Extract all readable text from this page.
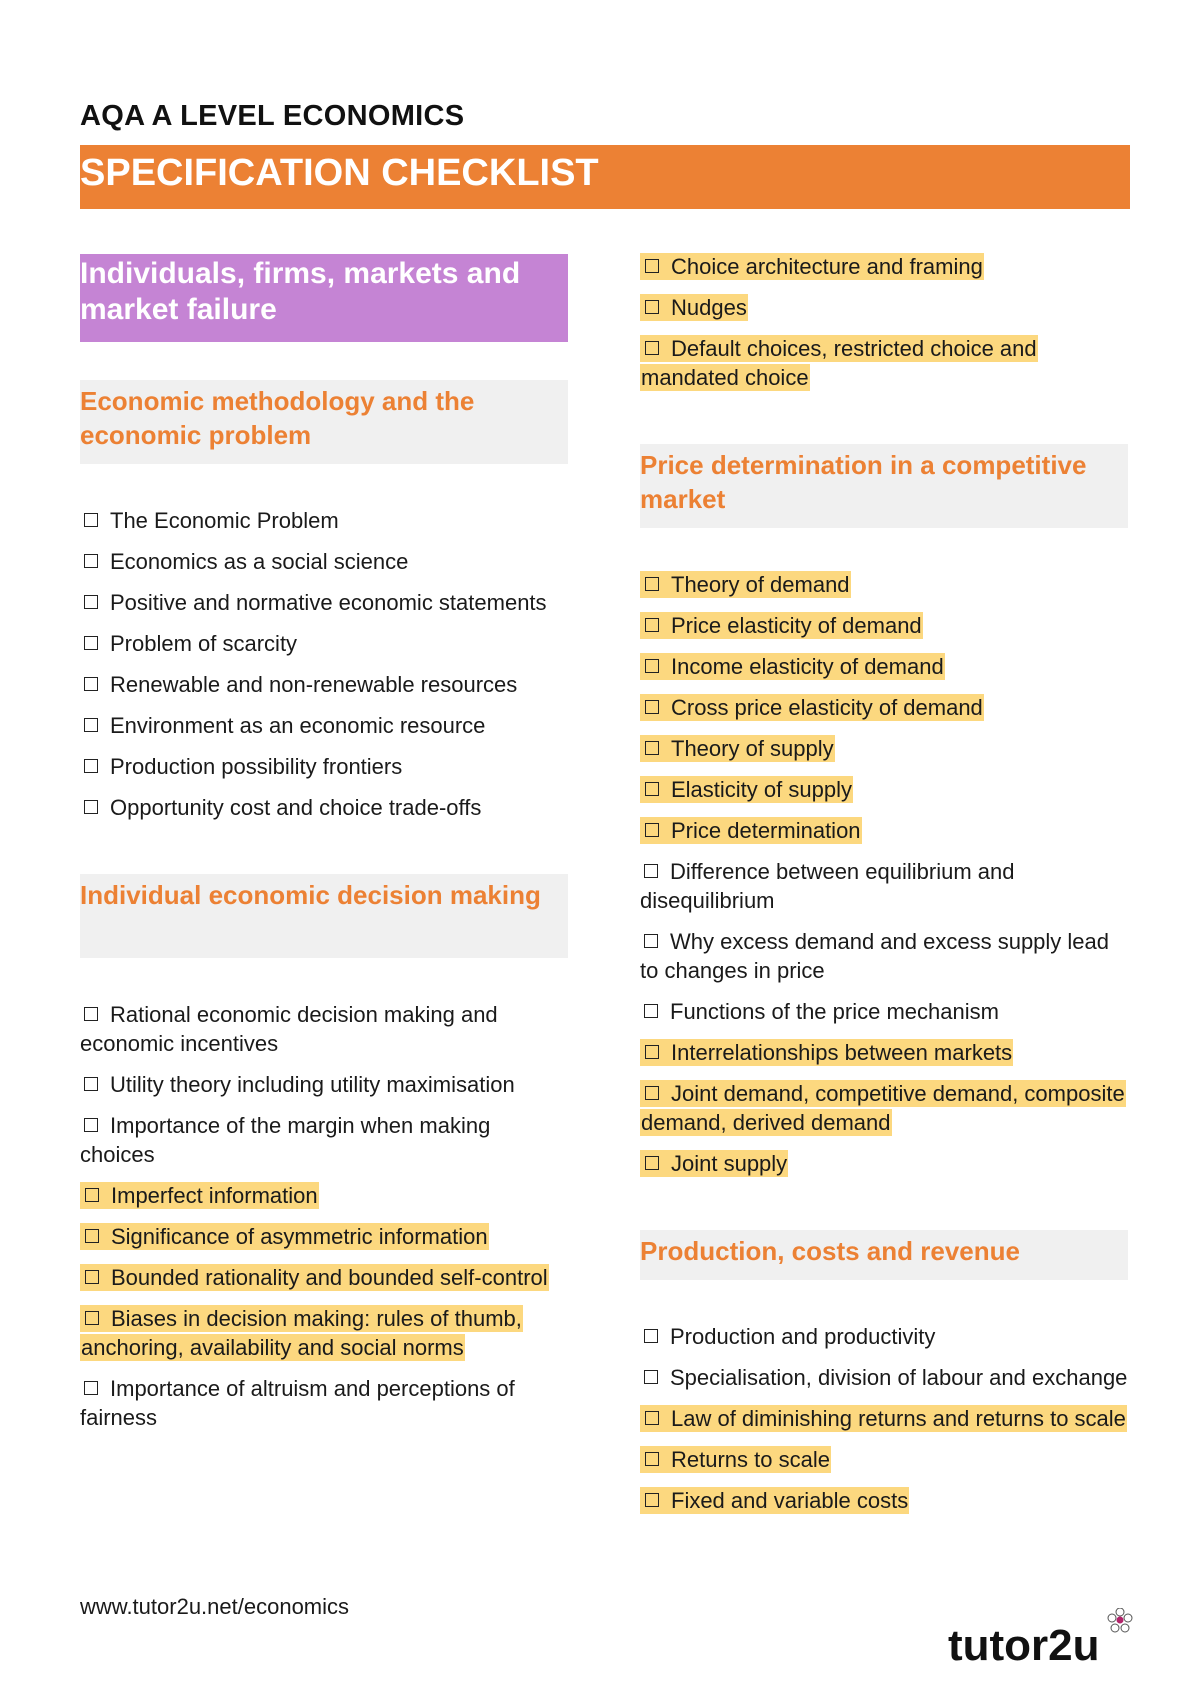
AQA A LEVEL ECONOMICS

SPECIFICATION CHECKLIST
Individuals, firms, markets and market failure
Economic methodology and the economic problem
The Economic Problem
Economics as a social science
Positive and normative economic statements
Problem of scarcity
Renewable and non-renewable resources
Environment as an economic resource
Production possibility frontiers
Opportunity cost and choice trade-offs
Individual economic decision making
Rational economic decision making and economic incentives
Utility theory including utility maximisation
Importance of the margin when making choices
Imperfect information
Significance of asymmetric information
Bounded rationality and bounded self-control
Biases in decision making: rules of thumb, anchoring, availability and social norms
Importance of altruism and perceptions of fairness
Choice architecture and framing
Nudges
Default choices, restricted choice and mandated choice
Price determination in a competitive market
Theory of demand
Price elasticity of demand
Income elasticity of demand
Cross price elasticity of demand
Theory of supply
Elasticity of supply
Price determination
Difference between equilibrium and disequilibrium
Why excess demand and excess supply lead to changes in price
Functions of the price mechanism
Interrelationships between markets
Joint demand, competitive demand, composite demand, derived demand
Joint supply
Production, costs and revenue
Production and productivity
Specialisation, division of labour and exchange
Law of diminishing returns and returns to scale
Returns to scale
Fixed and variable costs
www.tutor2u.net/economics
tutor2u
